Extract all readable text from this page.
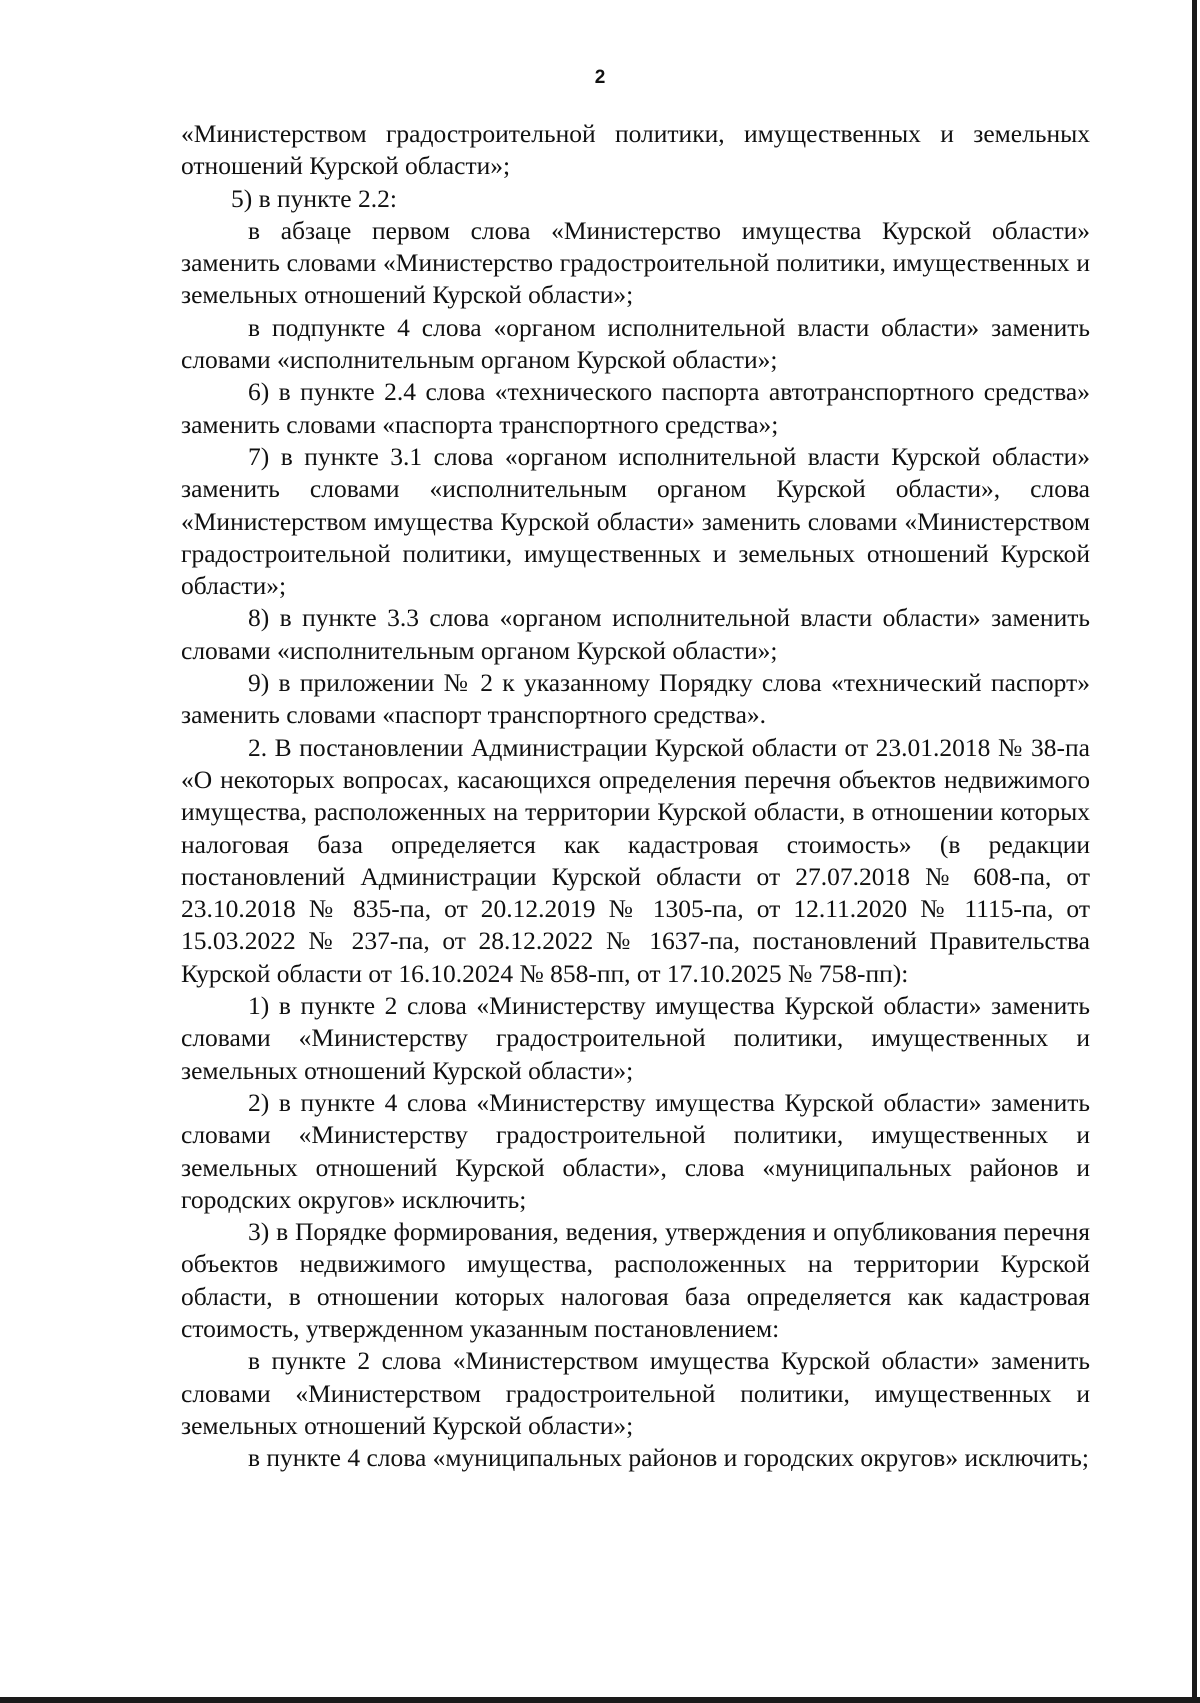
2

«Министерством градостроительной политики, имущественных и земельных отношений Курской области»;

5) в пункте 2.2:

в абзаце первом слова «Министерство имущества Курской области» заменить словами «Министерство градостроительной политики, имущественных и земельных отношений Курской области»;

в подпункте 4 слова «органом исполнительной власти области» заменить словами «исполнительным органом Курской области»;

6) в пункте 2.4 слова «технического паспорта автотранспортного средства» заменить словами «паспорта транспортного средства»;

7) в пункте 3.1 слова «органом исполнительной власти Курской области» заменить словами «исполнительным органом Курской области», слова «Министерством имущества Курской области» заменить словами «Министерством градостроительной политики, имущественных и земельных отношений Курской области»;

8) в пункте 3.3 слова «органом исполнительной власти области» заменить словами «исполнительным органом Курской области»;

9) в приложении № 2 к указанному Порядку слова «технический паспорт» заменить словами «паспорт транспортного средства».

2. В постановлении Администрации Курской области от 23.01.2018 № 38-па «О некоторых вопросах, касающихся определения перечня объектов недвижимого имущества, расположенных на территории Курской области, в отношении которых налоговая база определяется как кадастровая стоимость» (в редакции постановлений Администрации Курской области от 27.07.2018 № 608-па, от 23.10.2018 № 835-па, от 20.12.2019 № 1305-па, от 12.11.2020 № 1115-па, от 15.03.2022 № 237-па, от 28.12.2022 № 1637-па, постановлений Правительства Курской области от 16.10.2024 № 858-пп, от 17.10.2025 № 758-пп):

1) в пункте 2 слова «Министерству имущества Курской области» заменить словами «Министерству градостроительной политики, имущественных и земельных отношений Курской области»;

2) в пункте 4 слова «Министерству имущества Курской области» заменить словами «Министерству градостроительной политики, имущественных и земельных отношений Курской области», слова «муниципальных районов и городских округов» исключить;

3) в Порядке формирования, ведения, утверждения и опубликования перечня объектов недвижимого имущества, расположенных на территории Курской области, в отношении которых налоговая база определяется как кадастровая стоимость, утвержденном указанным постановлением:

в пункте 2 слова «Министерством имущества Курской области» заменить словами «Министерством градостроительной политики, имущественных и земельных отношений Курской области»;

в пункте 4 слова «муниципальных районов и городских округов» исключить;
